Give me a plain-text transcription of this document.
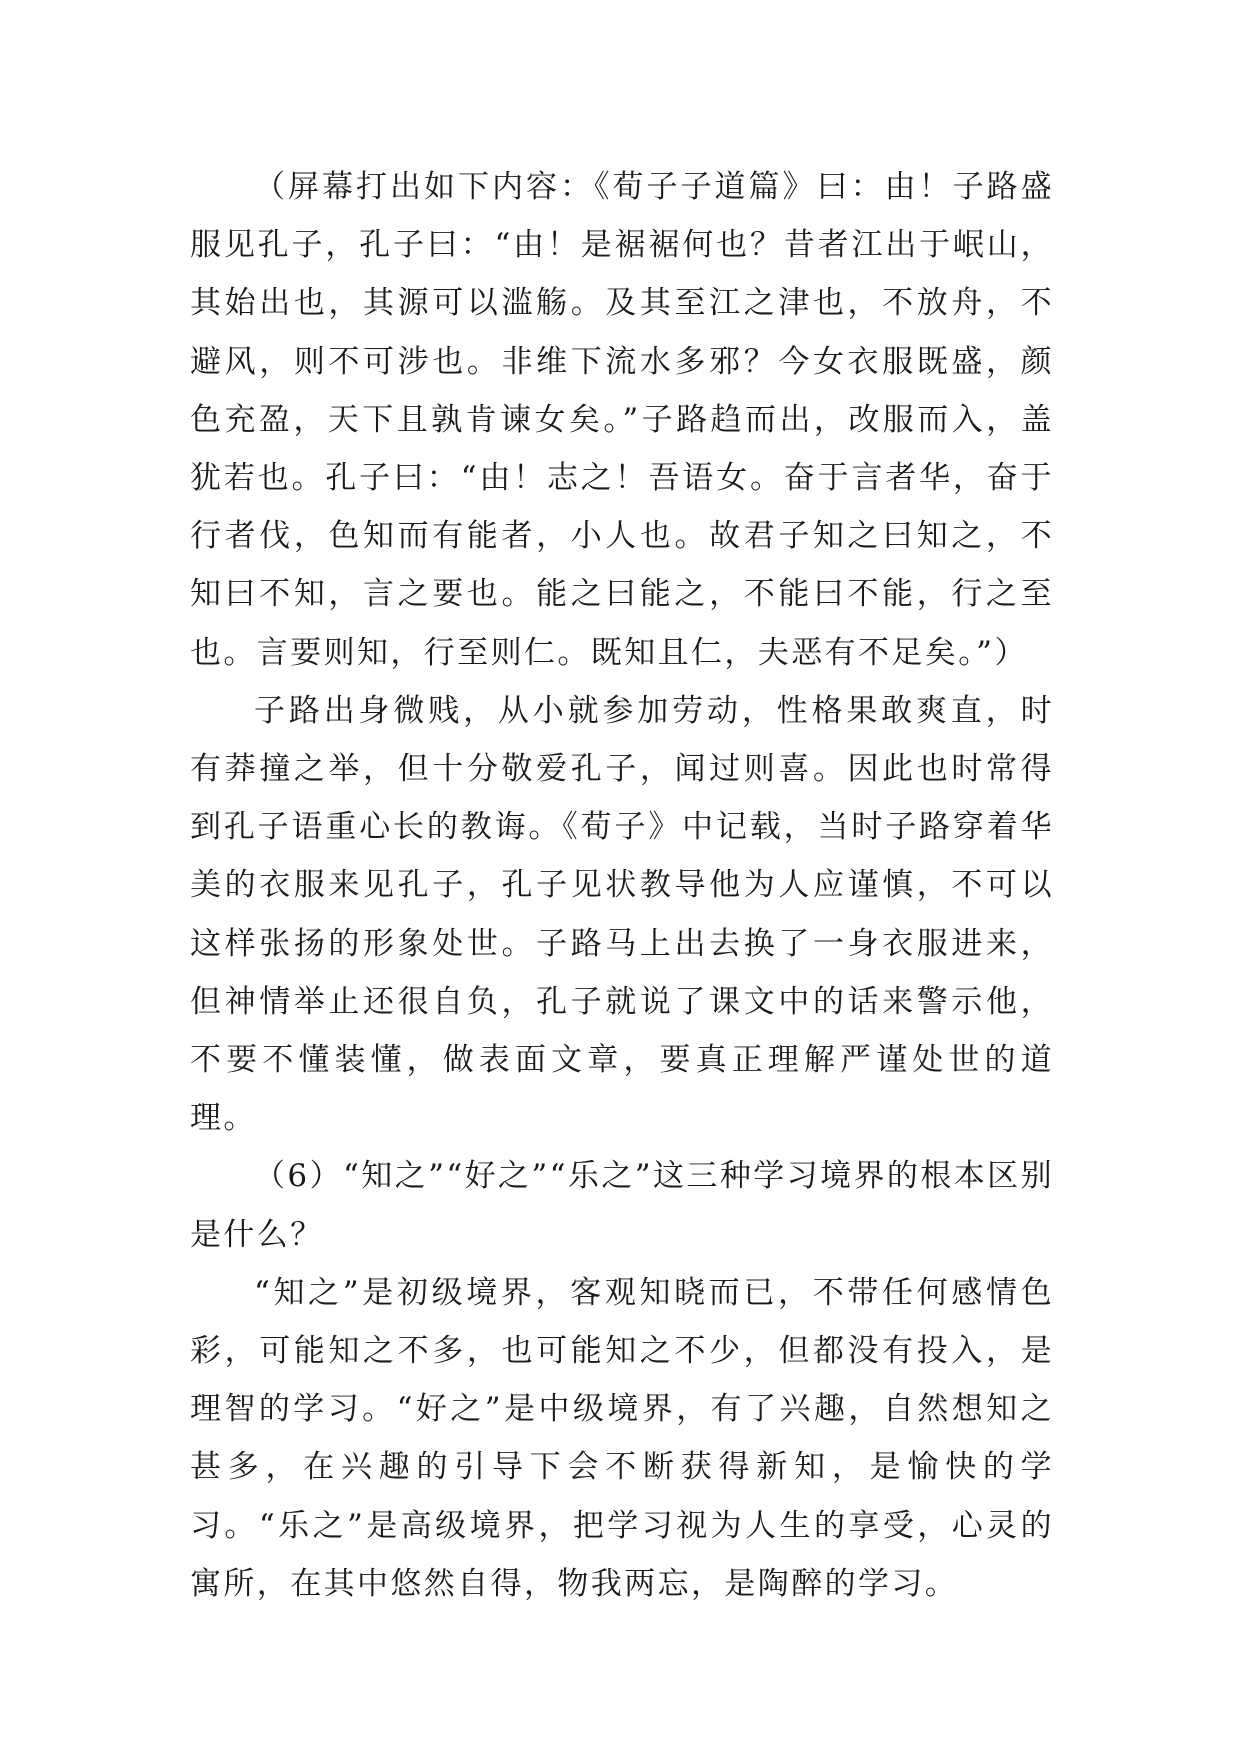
（屏幕打出如下内容：《荀子子道篇》曰：由！子路盛服见孔子，孔子曰：“由！是裾裾何也？昔者江出于岷山，其始出也，其源可以滥觞。及其至江之津也，不放舟，不避风，则不可涉也。非维下流水多邪？今女衣服既盛，颜色充盈，天下且孰肯谏女矣。”子路趋而出，改服而入，盖犹若也。孔子曰：“由！志之！吾语女。奋于言者华，奋于行者伐，色知而有能者，小人也。故君子知之曰知之，不知曰不知，言之要也。能之曰能之，不能曰不能，行之至也。言要则知，行至则仁。既知且仁，夫恶有不足矣。”）

子路出身微贱，从小就参加劳动，性格果敢爽直，时有莽撞之举，但十分敬爱孔子，闻过则喜。因此也时常得到孔子语重心长的教诲。《荀子》中记载，当时子路穿着华美的衣服来见孔子，孔子见状教导他为人应谨慎，不可以这样张扬的形象处世。子路马上出去换了一身衣服进来，但神情举止还很自负，孔子就说了课文中的话来警示他，不要不懂装懂，做表面文章，要真正理解严谨处世的道理。

（6）“知之”“好之”“乐之”这三种学习境界的根本区别是什么？

“知之”是初级境界，客观知晓而已，不带任何感情色彩，可能知之不多，也可能知之不少，但都没有投入，是理智的学习。“好之”是中级境界，有了兴趣，自然想知之甚多，在兴趣的引导下会不断获得新知，是愉快的学习。“乐之”是高级境界，把学习视为人生的享受，心灵的寓所，在其中悠然自得，物我两忘，是陶醉的学习。
